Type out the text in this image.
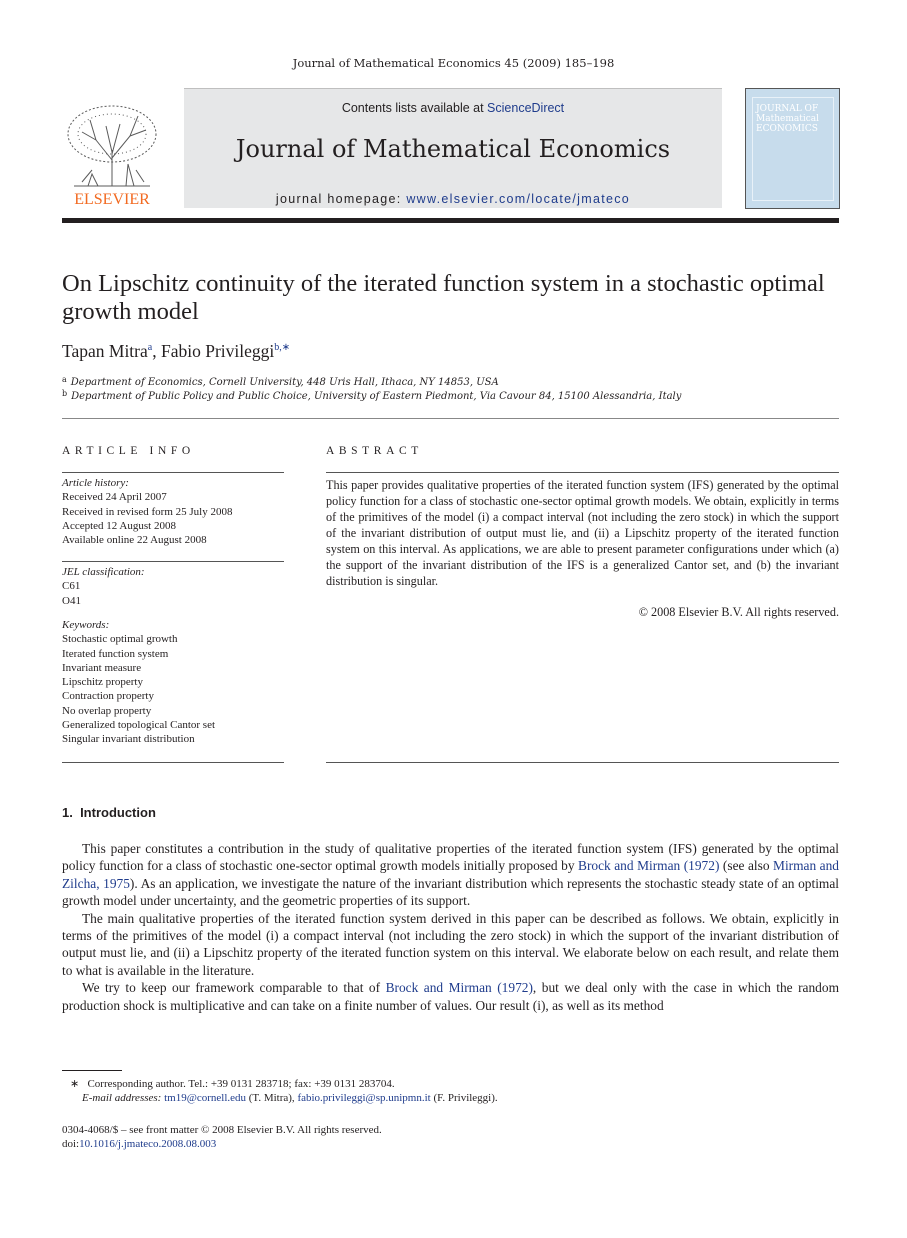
Journal of Mathematical Economics 45 (2009) 185–198
ELSEVIER
Contents lists available at ScienceDirect
Journal of Mathematical Economics
journal homepage: www.elsevier.com/locate/jmateco
JOURNAL OF Mathematical ECONOMICS
On Lipschitz continuity of the iterated function system in a stochastic optimal growth model
Tapan Mitra$^a$, Fabio Privileggi$^{b,∗}$
$^a$ Department of Economics, Cornell University, 448 Uris Hall, Ithaca, NY 14853, USA
$^b$ Department of Public Policy and Public Choice, University of Eastern Piedmont, Via Cavour 84, 15100 Alessandria, Italy
ARTICLE INFO	ABSTRACT
Article history:
Received 24 April 2007
Received in revised form 25 July 2008
Accepted 12 August 2008
Available online 22 August 2008
JEL classification:
C61
O41
Keywords:
Stochastic optimal growth
Iterated function system
Invariant measure
Lipschitz property
Contraction property
No overlap property
Generalized topological Cantor set
Singular invariant distribution
This paper provides qualitative properties of the iterated function system (IFS) generated by the optimal policy function for a class of stochastic one-sector optimal growth models. We obtain, explicitly in terms of the primitives of the model (i) a compact interval (not including the zero stock) in which the support of the invariant distribution of output must lie, and (ii) a Lipschitz property of the iterated function system on this interval. As applications, we are able to present parameter configurations under which (a) the support of the invariant distribution of the IFS is a generalized Cantor set, and (b) the invariant distribution is singular.
© 2008 Elsevier B.V. All rights reserved.
1.  Introduction

This paper constitutes a contribution in the study of qualitative properties of the iterated function system (IFS) generated by the optimal policy function for a class of stochastic one-sector optimal growth models initially proposed by Brock and Mirman (1972) (see also Mirman and Zilcha, 1975). As an application, we investigate the nature of the invariant distribution which represents the stochastic steady state of an optimal growth model under uncertainty, and the geometric properties of its support.

The main qualitative properties of the iterated function system derived in this paper can be described as follows. We obtain, explicitly in terms of the primitives of the model (i) a compact interval (not including the zero stock) in which the support of the invariant distribution of output must lie, and (ii) a Lipschitz property of the iterated function system on this interval. We elaborate below on each result, and relate them to what is available in the literature.

We try to keep our framework comparable to that of Brock and Mirman (1972), but we deal only with the case in which the random production shock is multiplicative and can take on a finite number of values. Our result (i), as well as its method

∗ Corresponding author. Tel.: +39 0131 283718; fax: +39 0131 283704.
E-mail addresses: tm19@cornell.edu (T. Mitra), fabio.privileggi@sp.unipmn.it (F. Privileggi).
0304-4068/$ – see front matter © 2008 Elsevier B.V. All rights reserved.
doi:10.1016/j.jmateco.2008.08.003
